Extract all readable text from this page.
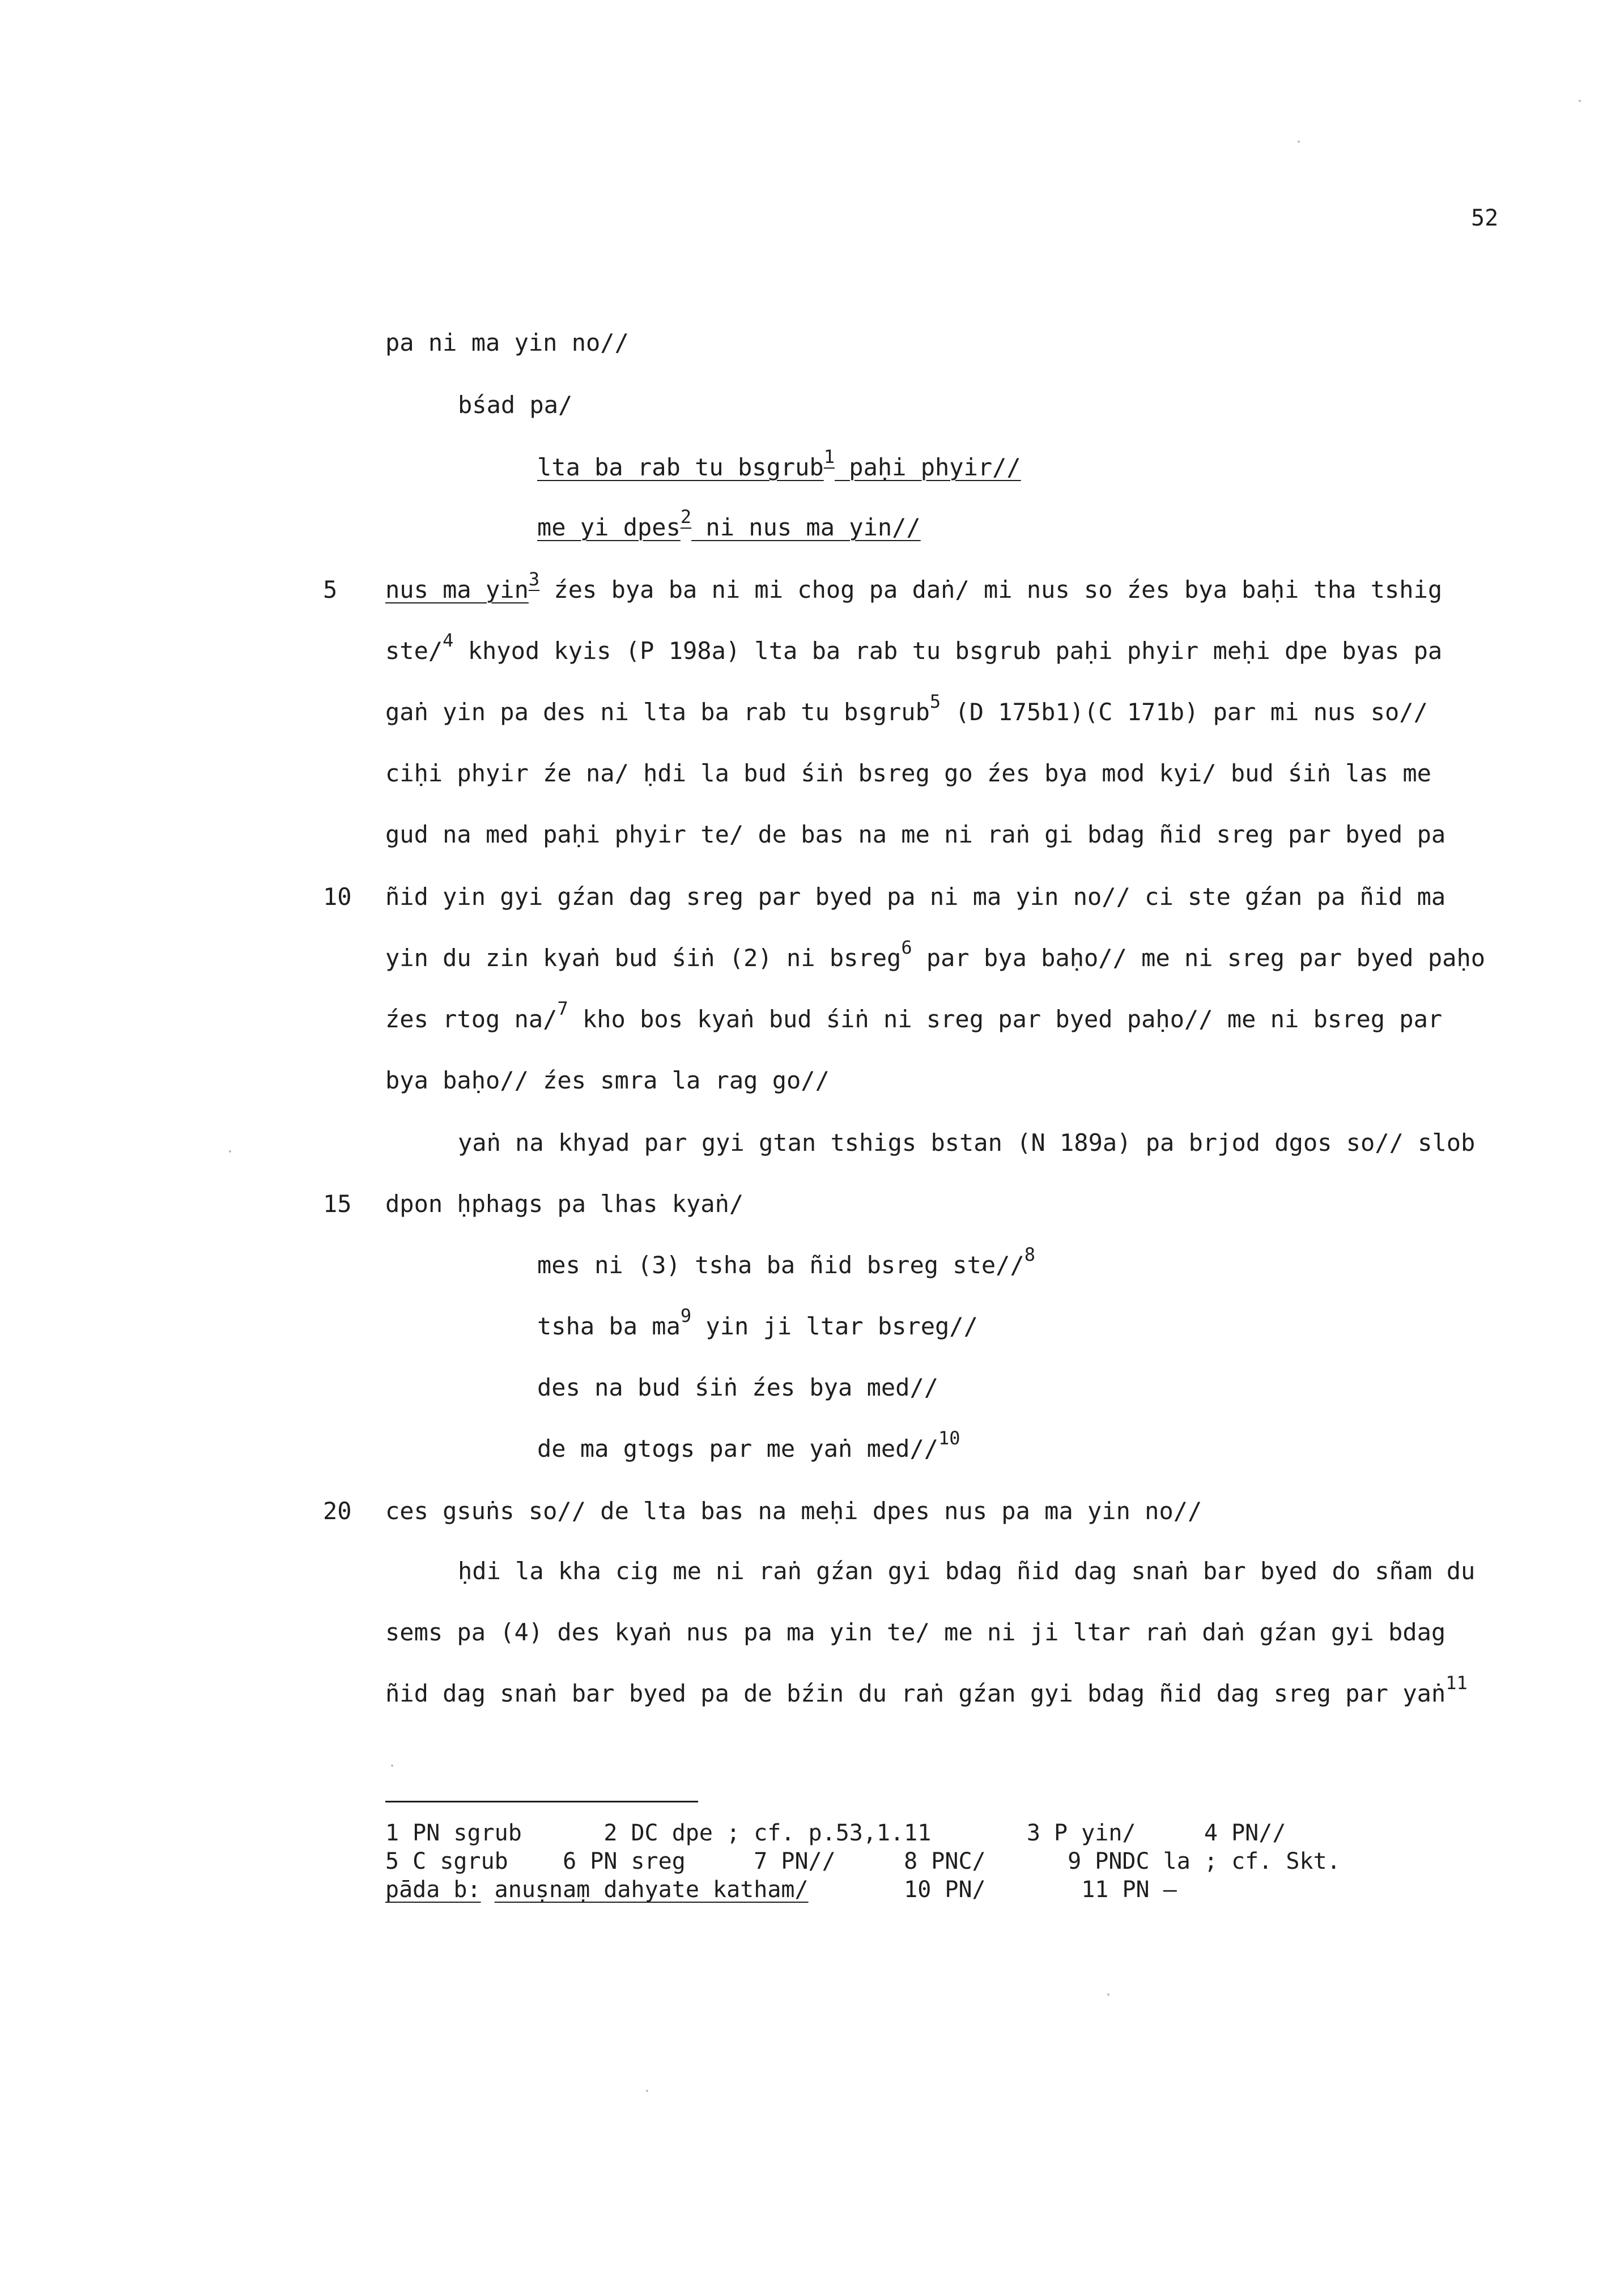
52
pa ni ma yin no//
bśad pa/
lta ba rab tu bsgrub$^1$ paḥi phyir//
me yi dpes$^2$ ni nus ma yin//
5 nus ma yin$^3$ źes bya ba ni mi chog pa daṅ/ mi nus so źes bya baḥi tha tshig
ste/$^4$ khyod kyis (P 198a) lta ba rab tu bsgrub paḥi phyir meḥi dpe byas pa
gaṅ yin pa des ni lta ba rab tu bsgrub$^5$ (D 175b1)(C 171b) par mi nus so//
ciḥi phyir źe na/ ḥdi la bud śiṅ bsreg go źes bya mod kyi/ bud śiṅ las me
gud na med paḥi phyir te/ de bas na me ni raṅ gi bdag ñid sreg par byed pa
10 ñid yin gyi gźan dag sreg par byed pa ni ma yin no// ci ste gźan pa ñid ma
yin du zin kyaṅ bud śiṅ (2) ni bsreg$^6$ par bya baḥo// me ni sreg par byed paḥo
źes rtog na/$^7$ kho bos kyaṅ bud śiṅ ni sreg par byed paḥo// me ni bsreg par
bya baḥo// źes smra la rag go//
yaṅ na khyad par gyi gtan tshigs bstan (N 189a) pa brjod dgos so// slob
15 dpon ḥphags pa lhas kyaṅ/
mes ni (3) tsha ba ñid bsreg ste//$^8$
tsha ba $ma^9$ yin ji ltar bsreg//
des na bud śiṅ źes bya med//
de ma gtogs par me yaṅ med//$^{10}$
20 ces gsuṅs so// de lta bas na meḥi dpes nus pa ma yin no//
ḥdi la kha cig me ni raṅ gźan gyi bdag ñid dag snaṅ bar byed do sñam du
sems pa (4) des kyaṅ nus pa ma yin te/ me ni ji ltar raṅ daṅ gźan gyi bdag
ñid dag snaṅ bar byed pa de bźin du raṅ gźan gyi bdag ñid dag sreg par yaṅ$^{11}$
1 PN sgrub      2 DC dpe ; cf. p.53,1.11       3 P yin/     4 PN//
5 C sgrub    6 PN sreg     7 PN//     8 PNC/      9 PNDC la ; cf. Skt.
pāda b: anuṣnaṃ dahyate katham/       10 PN/       11 PN —
